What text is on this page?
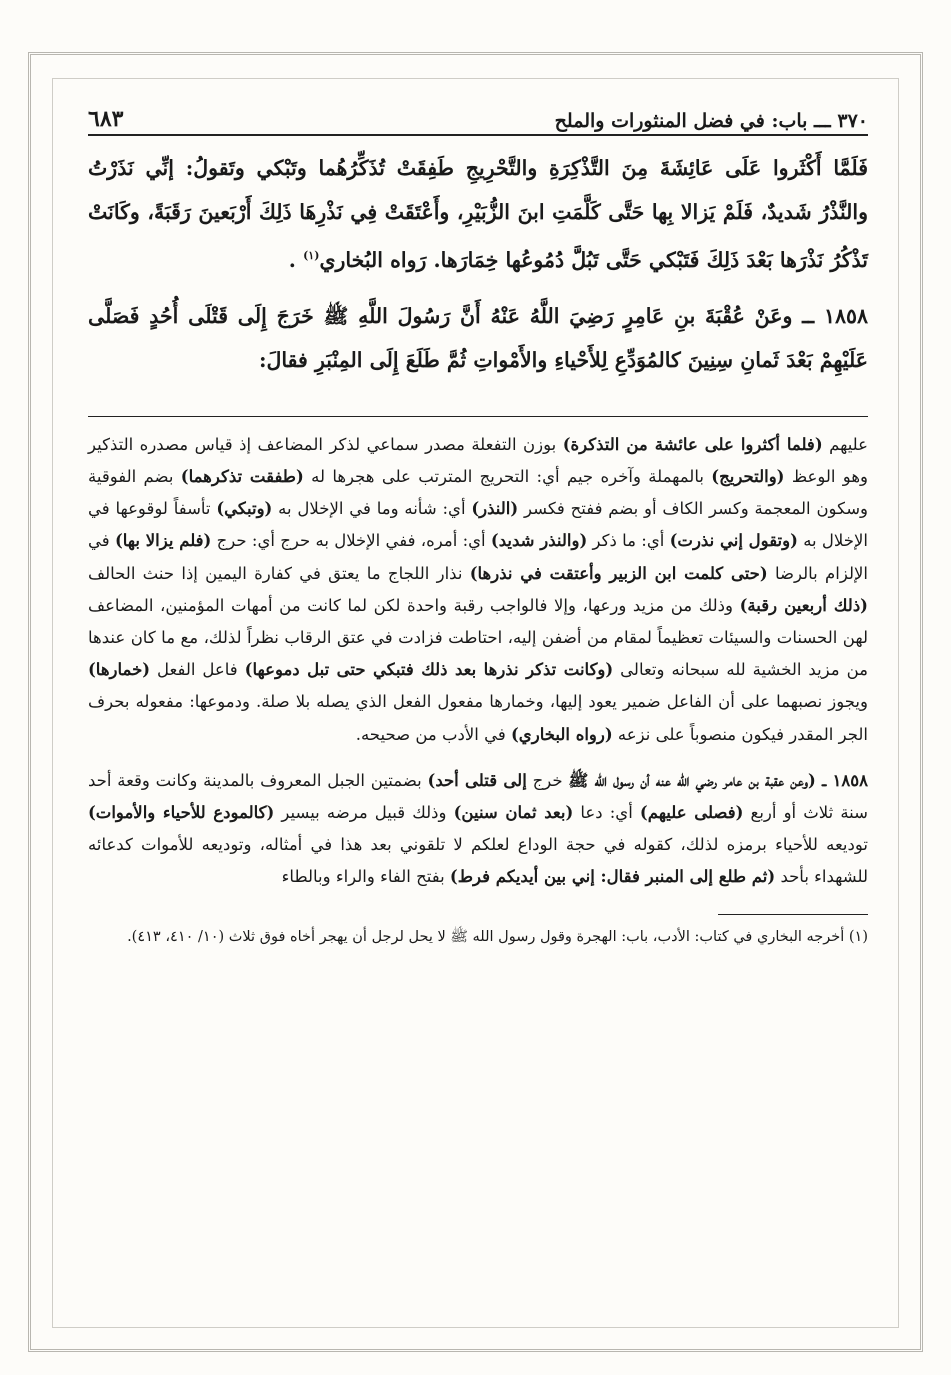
٣٧٠ ـــ باب: في فضل المنثورات والملح
٦٨٣

فَلَمَّا أَكْثَروا عَلَى عَائِشَةَ مِنَ التَّذْكِرَةِ والتَّحْرِيجِ طَفِقَتْ تُذَكِّرُهُما وتَبْكي وتَقولُ: إنِّي نَذَرْتُ والنَّذْرُ شَديدٌ، فَلَمْ يَزالا بِها حَتَّى كَلَّمَتِ ابنَ الزُّبَيْرِ، وأَعْتَقَتْ فِي نَذْرِهَا ذَلِكَ أَرْبَعينَ رَقَبَةً، وكَانَتْ تَذْكُرُ نَذْرَها بَعْدَ ذَلِكَ فَتَبْكي حَتَّى تَبُلَّ دُمُوعُها خِمَارَها. رَواه البُخاري$^{(١)}$ .

١٨٥٨ ــ وعَنْ عُقْبَةَ بنِ عَامِرٍ رَضِيَ اللَّهُ عَنْهُ أَنَّ رَسُولَ اللَّهِ ﷺ خَرَجَ إِلَى قَتْلَى أُحُدٍ فَصَلَّى عَلَيْهِمْ بَعْدَ ثَمانِ سِنِينَ كالمُوَدِّعِ لِلأَحْياءِ والأَمْواتِ ثُمَّ طَلَعَ إِلَى المِنْبَرِ فقالَ:

عليهم (فلما أكثروا على عائشة من التذكرة) بوزن التفعلة مصدر سماعي لذكر المضاعف إذ قياس مصدره التذكير وهو الوعظ (والتحريج) بالمهملة وآخره جيم أي: التحريج المترتب على هجرها له (طفقت تذكرهما) بضم الفوقية وسكون المعجمة وكسر الكاف أو بضم ففتح فكسر (النذر) أي: شأنه وما في الإخلال به (وتبكي) تأسفاً لوقوعها في الإخلال به (وتقول إني نذرت) أي: ما ذكر (والنذر شديد) أي: أمره، ففي الإخلال به حرج أي: حرج (فلم يزالا بها) في الإلزام بالرضا (حتى كلمت ابن الزبير وأعتقت في نذرها) نذار اللجاج ما يعتق في كفارة اليمين إذا حنث الحالف (ذلك أربعين رقبة) وذلك من مزيد ورعها، وإلا فالواجب رقبة واحدة لكن لما كانت من أمهات المؤمنين، المضاعف لهن الحسنات والسيئات تعظيماً لمقام من أضفن إليه، احتاطت فزادت في عتق الرقاب نظراً لذلك، مع ما كان عندها من مزيد الخشية لله سبحانه وتعالى (وكانت تذكر نذرها بعد ذلك فتبكي حتى تبل دموعها) فاعل الفعل (خمارها) ويجوز نصبهما على أن الفاعل ضمير يعود إليها، وخمارها مفعول الفعل الذي يصله بلا صلة. ودموعها: مفعوله بحرف الجر المقدر فيكون منصوباً على نزعه (رواه البخاري) في الأدب من صحيحه.

١٨٥٨ ــ (وعن عقبة بن عامر رضي الله عنه أن رسول الله ﷺ خرج إلى قتلى أحد) بضمتين الجبل المعروف بالمدينة وكانت وقعة أحد سنة ثلاث أو أربع (فصلى عليهم) أي: دعا (بعد ثمان سنين) وذلك قبيل مرضه بيسير (كالمودع للأحياء والأموات) توديعه للأحياء برمزه لذلك، كقوله في حجة الوداع لعلكم لا تلقوني بعد هذا في أمثاله، وتوديعه للأموات كدعائه للشهداء بأحد (ثم طلع إلى المنبر فقال: إني بين أيديكم فرط) بفتح الفاء والراء وبالطاء

(١) أخرجه البخاري في كتاب: الأدب، باب: الهجرة وقول رسول الله ﷺ لا يحل لرجل أن يهجر أخاه فوق ثلاث (١٠/ ٤١٠، ٤١٣).
